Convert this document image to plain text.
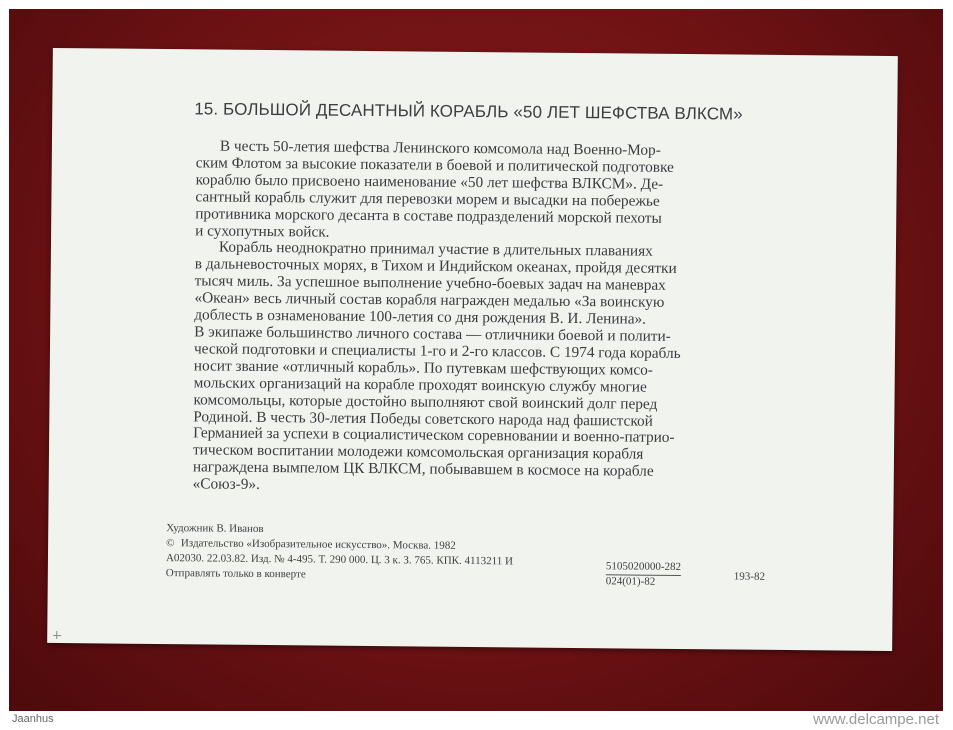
15. БОЛЬШОЙ ДЕСАНТНЫЙ КОРАБЛЬ «50 ЛЕТ ШЕФСТВА ВЛКСМ»

В честь 50-летия шефства Ленинского комсомола над Военно-Мор-
ским Флотом за высокие показатели в боевой и политической подготовке
кораблю было присвоено наименование «50 лет шефства ВЛКСМ». Де-
сантный корабль служит для перевозки морем и высадки на побережье
противника морского десанта в составе подразделений морской пехоты
и сухопутных войск.

Корабль неоднократно принимал участие в длительных плаваниях
в дальневосточных морях, в Тихом и Индийском океанах, пройдя десятки
тысяч миль. За успешное выполнение учебно-боевых задач на маневрах
«Океан» весь личный состав корабля награжден медалью «За воинскую
доблесть в ознаменование 100-летия со дня рождения В. И. Ленина».
В экипаже большинство личного состава — отличники боевой и полити-
ческой подготовки и специалисты 1-го и 2-го классов. С 1974 года корабль
носит звание «отличный корабль». По путевкам шефствующих комсо-
мольских организаций на корабле проходят воинскую службу многие
комсомольцы, которые достойно выполняют свой воинский долг перед
Родиной. В честь 30-летия Победы советского народа над фашистской
Германией за успехи в социалистическом соревновании и военно-патрио-
тическом воспитании молодежи комсомольская организация корабля
награждена вымпелом ЦК ВЛКСМ, побывавшем в космосе на корабле
«Союз-9».

Художник В. Иванов
© Издательство «Изобразительное искусство». Москва. 1982
А02030. 22.03.82. Изд. № 4-495. Т. 290 000. Ц. 3 к. З. 765. КПК. 4113211 И
Отправлять только в конверте	$\frac{5105020000-282}{024(01)-82}$	193-82
Jaanhus	www.delcampe.net
